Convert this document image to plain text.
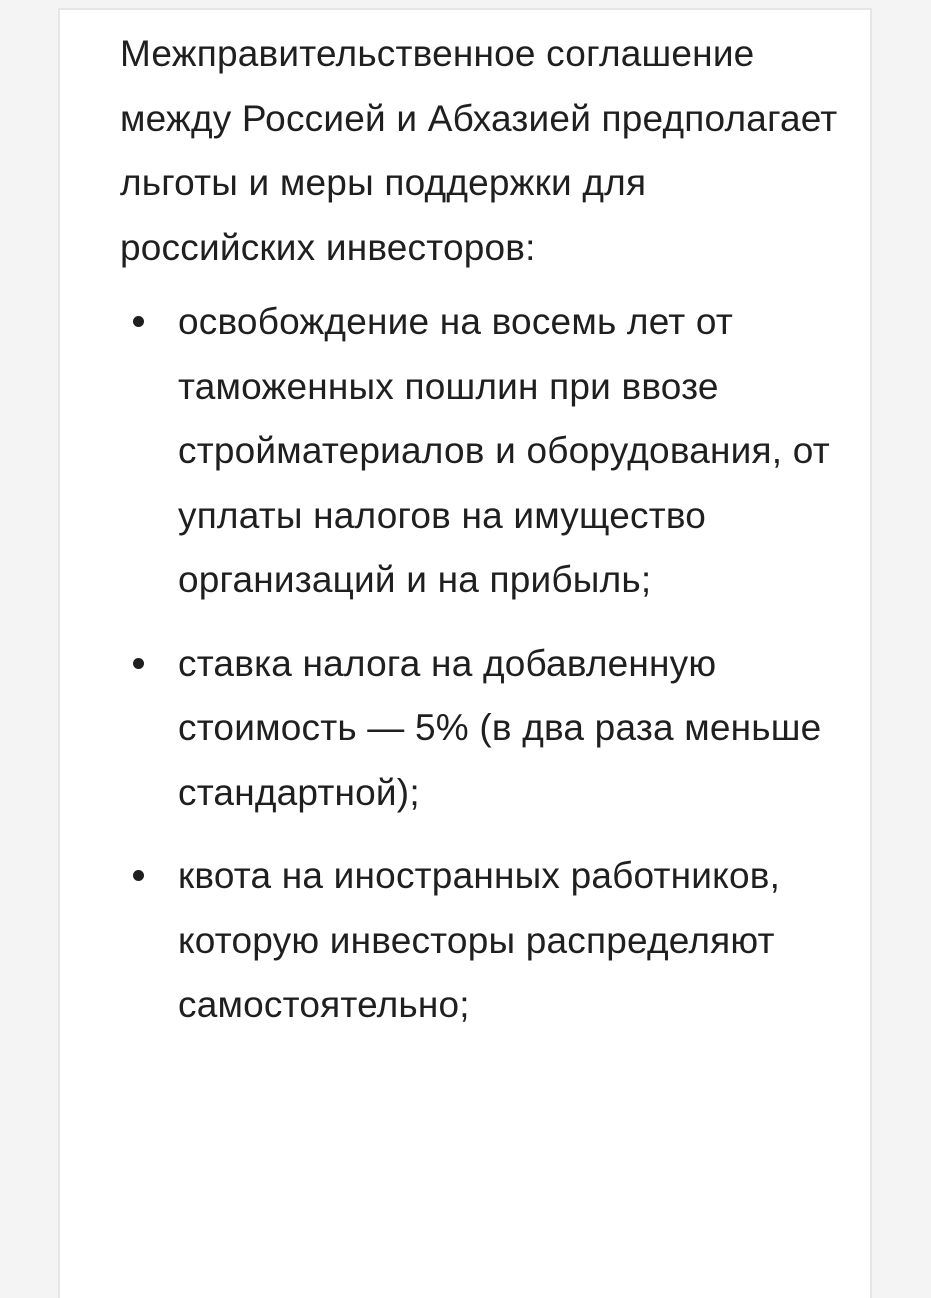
Межправительственное соглашение между Россией и Абхазией предполагает льготы и меры поддержки для российских инвесторов:

освобождение на восемь лет от таможенных пошлин при ввозе стройматериалов и оборудования, от уплаты налогов на имущество организаций и на прибыль;
ставка налога на добавленную стоимость — 5% (в два раза меньше стандартной);
квота на иностранных работников, которую инвесторы распределяют самостоятельно;
